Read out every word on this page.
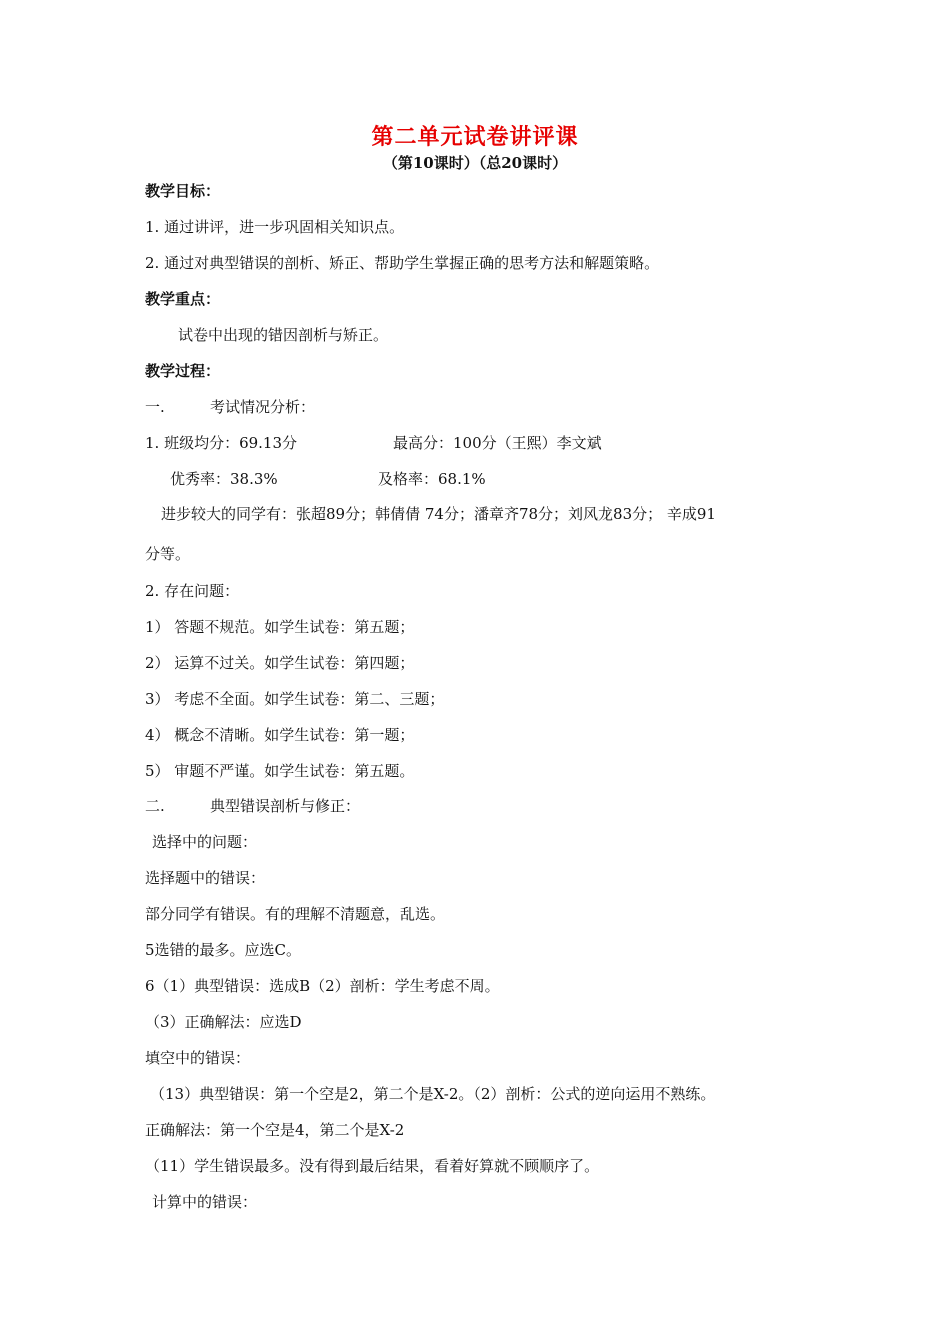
第二单元试卷讲评课
（第10课时）（总20课时）
教学目标：
1. 通过讲评，进一步巩固相关知识点。
2. 通过对典型错误的剖析、矫正、帮助学生掌握正确的思考方法和解题策略。
教学重点：
试卷中出现的错因剖析与矫正。
教学过程：
一.	考试情况分析：
1. 班级均分：69.13分	最高分：100分（王熙）李文斌
优秀率：38.3%	及格率：68.1%
进步较大的同学有：张超89分；韩倩倩 74分；潘章齐78分；刘风龙83分； 辛成91
分等。
2. 存在问题：
1） 答题不规范。如学生试卷：第五题；
2） 运算不过关。如学生试卷：第四题；
3） 考虑不全面。如学生试卷：第二、三题；
4） 概念不清晰。如学生试卷：第一题；
5） 审题不严谨。如学生试卷：第五题。
二.	典型错误剖析与修正：
选择中的问题：
选择题中的错误：
部分同学有错误。有的理解不清题意，乱选。
5选错的最多。应选C。
6（1）典型错误：选成B（2）剖析：学生考虑不周。
（3）正确解法：应选D
填空中的错误：
（13）典型错误：第一个空是2，第二个是X-2。（2）剖析：公式的逆向运用不熟练。
正确解法：第一个空是4，第二个是X-2
（11）学生错误最多。没有得到最后结果，看着好算就不顾顺序了。
计算中的错误：
